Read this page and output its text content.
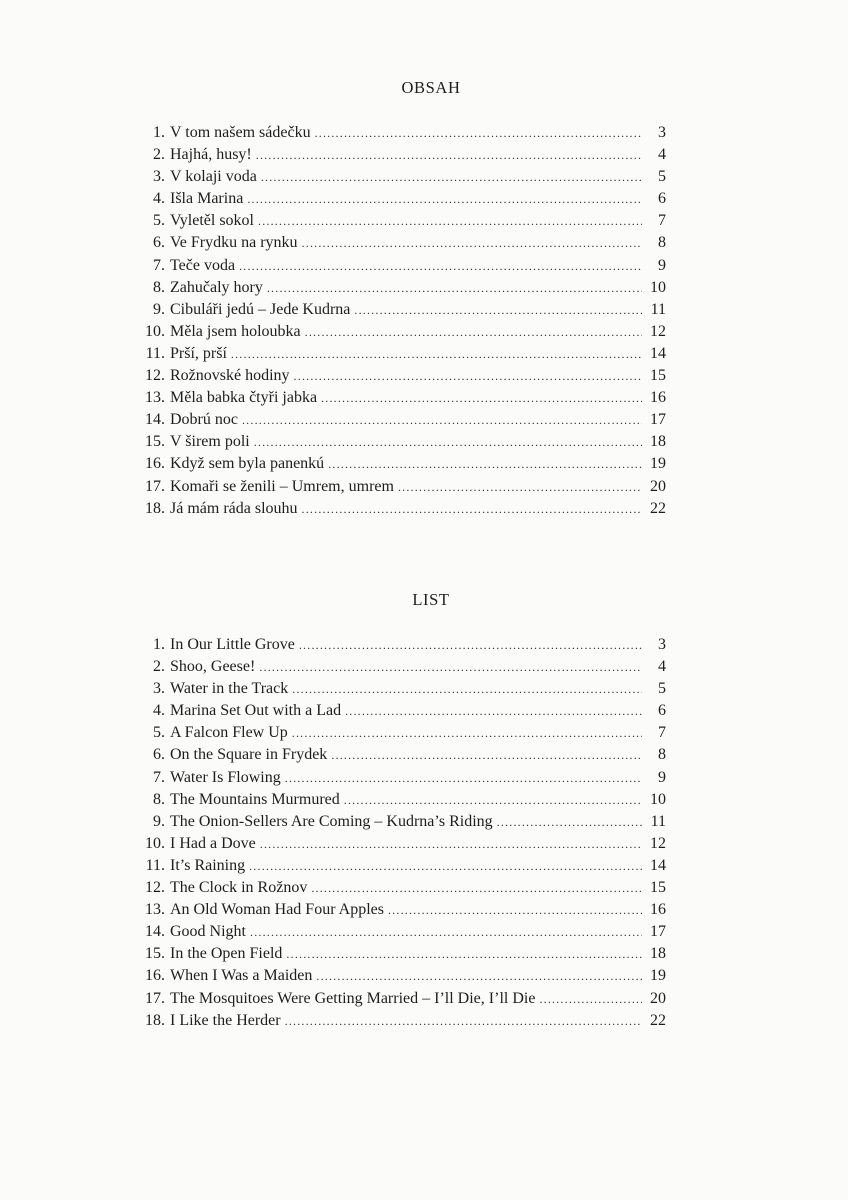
OBSAH
1. V tom našem sádečku .....	3
2. Hajhá, husy! .....	4
3. V kolaji voda .....	5
4. Išla Marina .....	6
5. Vyletěl sokol .....	7
6. Ve Frydku na rynku .....	8
7. Teče voda .....	9
8. Zahučaly hory .....	10
9. Cibuláři jedú – Jede Kudrna .....	11
10. Měla jsem holoubka .....	12
11. Prší, prší .....	14
12. Rožnovské hodiny .....	15
13. Měla babka čtyři jabka .....	16
14. Dobrú noc .....	17
15. V širem poli .....	18
16. Když sem byla panenkú .....	19
17. Komaři se ženili – Umrem, umrem .....	20
18. Já mám ráda slouhu .....	22
LIST
1. In Our Little Grove .....	3
2. Shoo, Geese! .....	4
3. Water in the Track .....	5
4. Marina Set Out with a Lad .....	6
5. A Falcon Flew Up .....	7
6. On the Square in Frydek .....	8
7. Water Is Flowing .....	9
8. The Mountains Murmured .....	10
9. The Onion-Sellers Are Coming – Kudrna’s Riding .....	11
10. I Had a Dove .....	12
11. It’s Raining .....	14
12. The Clock in Rožnov .....	15
13. An Old Woman Had Four Apples .....	16
14. Good Night .....	17
15. In the Open Field .....	18
16. When I Was a Maiden .....	19
17. The Mosquitoes Were Getting Married – I’ll Die, I’ll Die .....	20
18. I Like the Herder .....	22
